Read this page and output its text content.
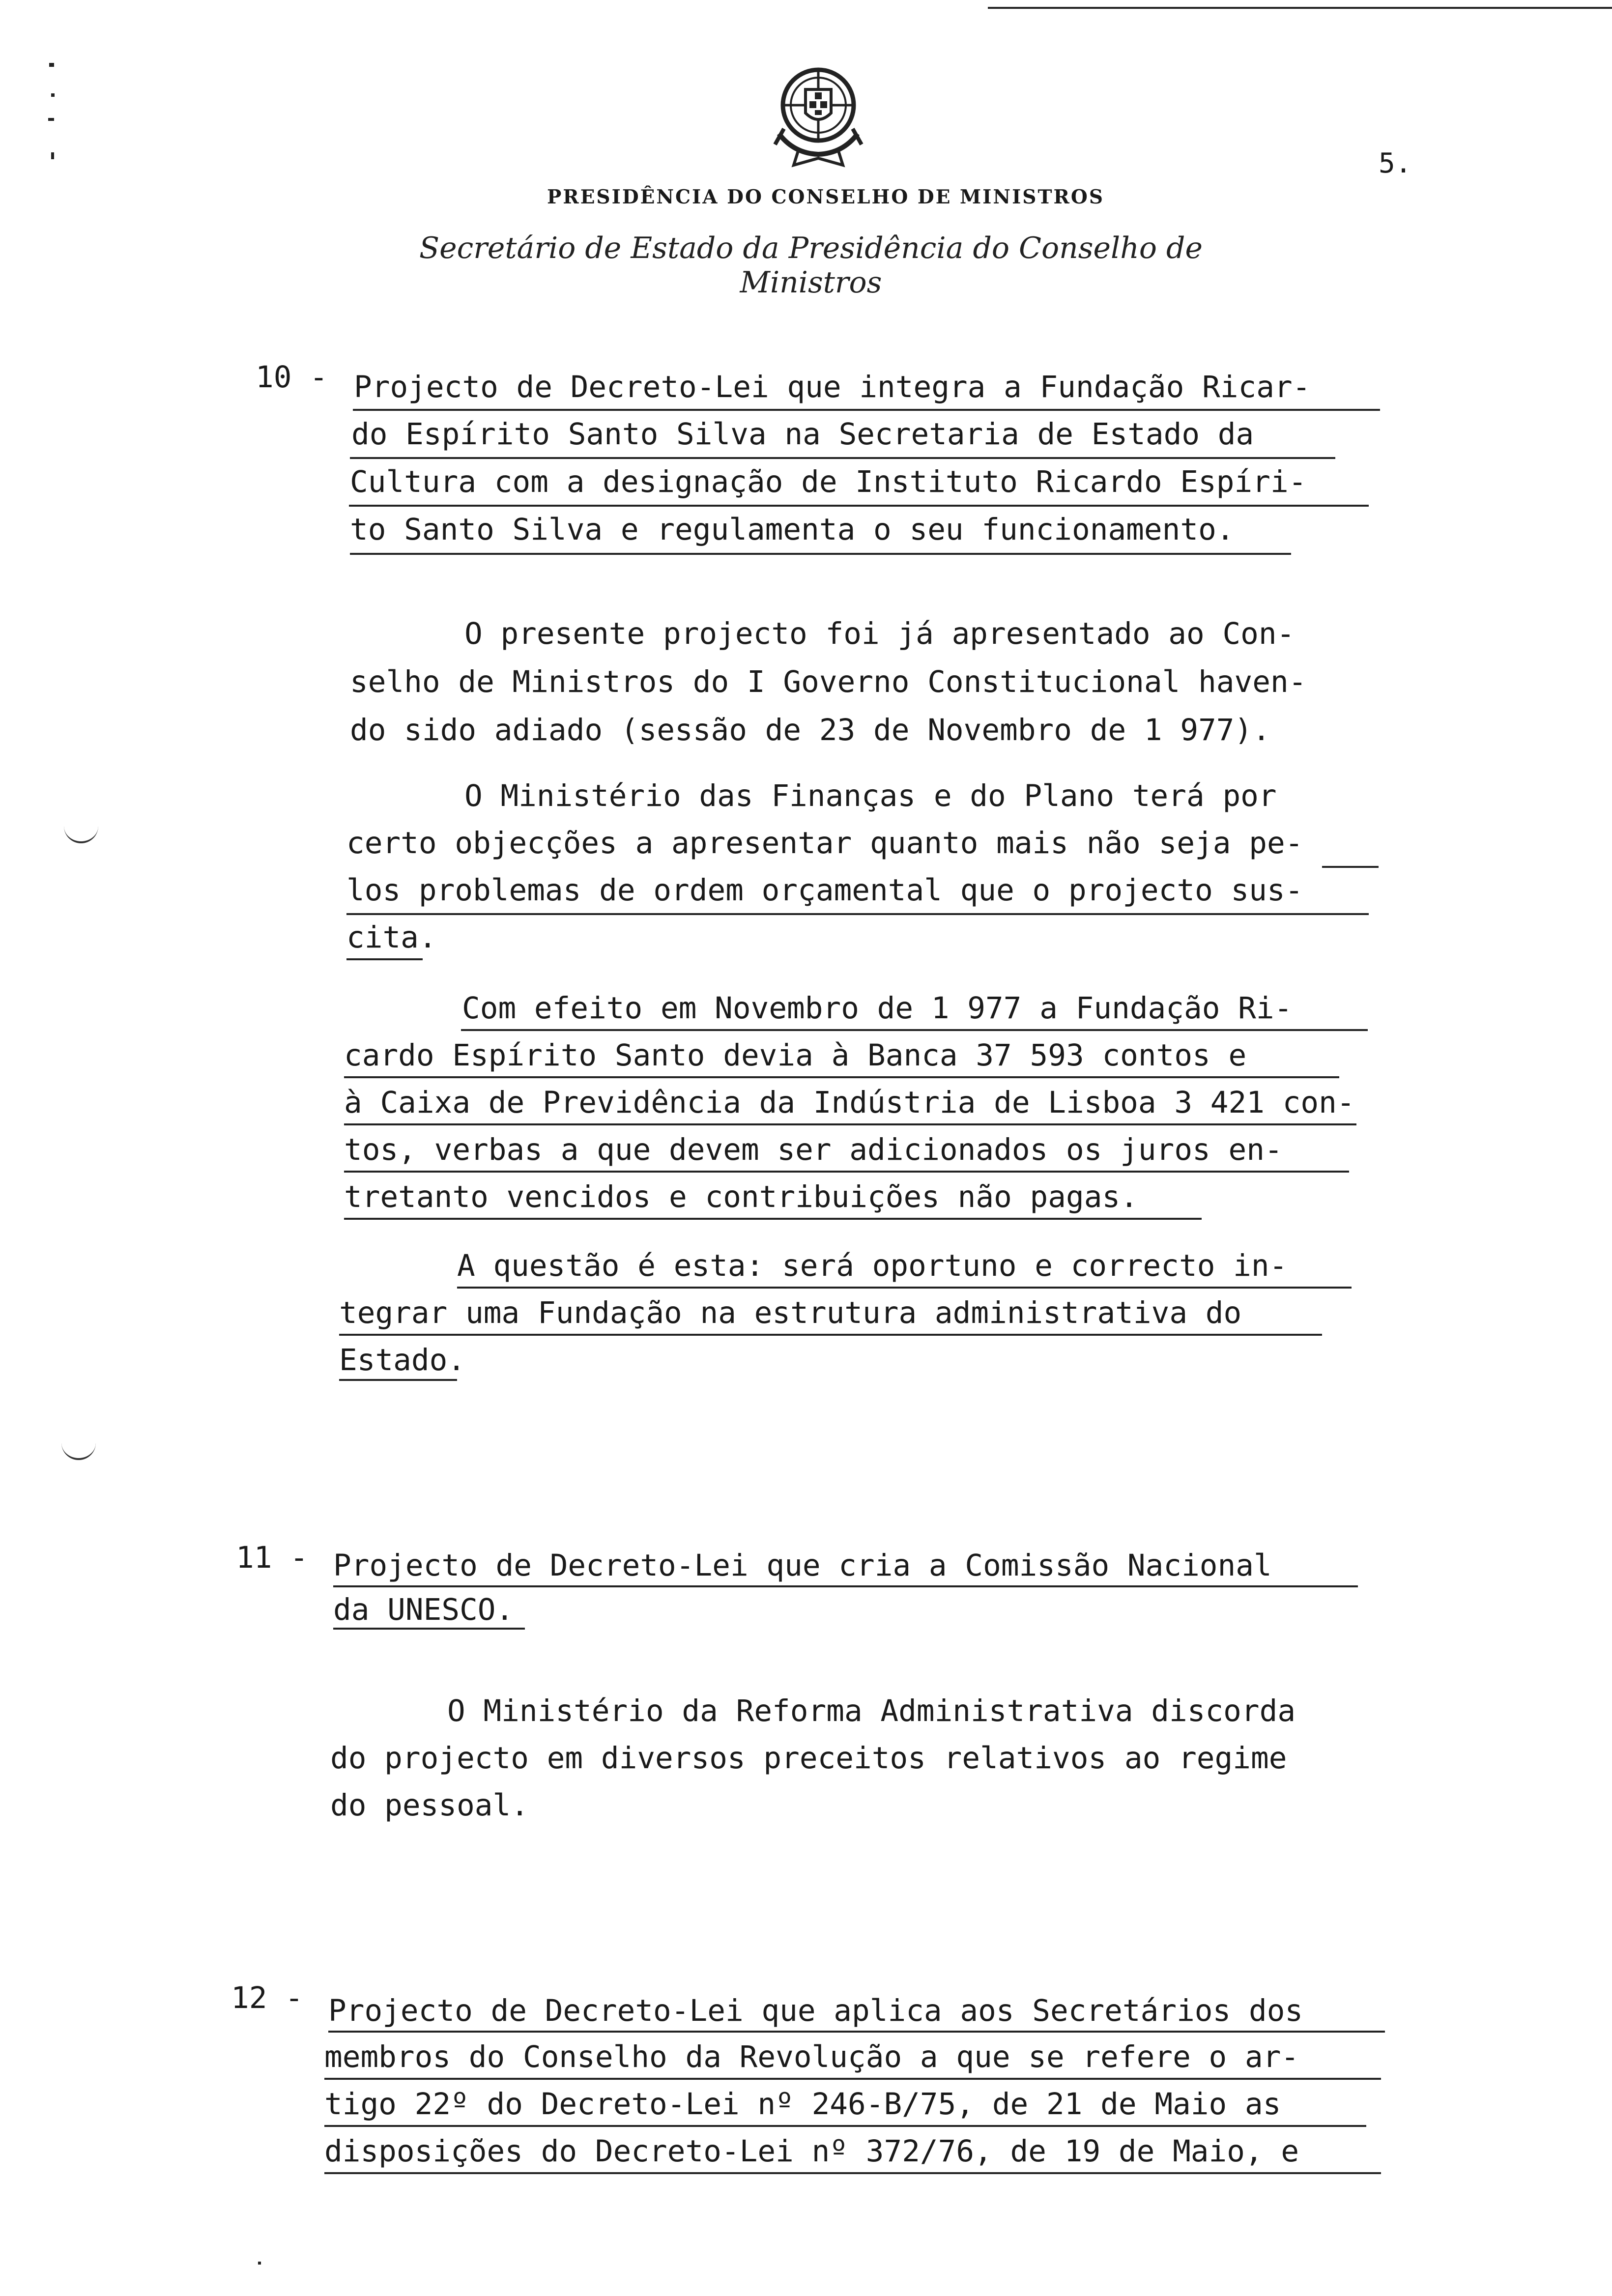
5.
PRESIDÊNCIA DO CONSELHO DE MINISTROS
Secretário de Estado da Presidência do Conselho de Ministros
10 - Projecto de Decreto-Lei que integra a Fundação Ricar-
do Espírito Santo Silva na Secretaria de Estado da
Cultura com a designação de Instituto Ricardo Espíri-
to Santo Silva e regulamenta o seu funcionamento.
O presente projecto foi já apresentado ao Con-
selho de Ministros do I Governo Constitucional haven-
do sido adiado (sessão de 23 de Novembro de 1 977).
O Ministério das Finanças e do Plano terá por
certo objecções a apresentar quanto mais não seja pe-
los problemas de ordem orçamental que o projecto sus-
cita.
Com efeito em Novembro de 1 977 a Fundação Ri-
cardo Espírito Santo devia à Banca 37 593 contos e
à Caixa de Previdência da Indústria de Lisboa 3 421 con-
tos, verbas a que devem ser adicionados os juros en-
tretanto vencidos e contribuições não pagas.
A questão é esta: será oportuno e correcto in-
tegrar uma Fundação na estrutura administrativa do
Estado.
11 - Projecto de Decreto-Lei que cria a Comissão Nacional
da UNESCO.
O Ministério da Reforma Administrativa discorda
do projecto em diversos preceitos relativos ao regime
do pessoal.
12 - Projecto de Decreto-Lei que aplica aos Secretários dos
membros do Conselho da Revolução a que se refere o ar-
tigo 22º do Decreto-Lei nº 246-B/75, de 21 de Maio as
disposições do Decreto-Lei nº 372/76, de 19 de Maio, e
